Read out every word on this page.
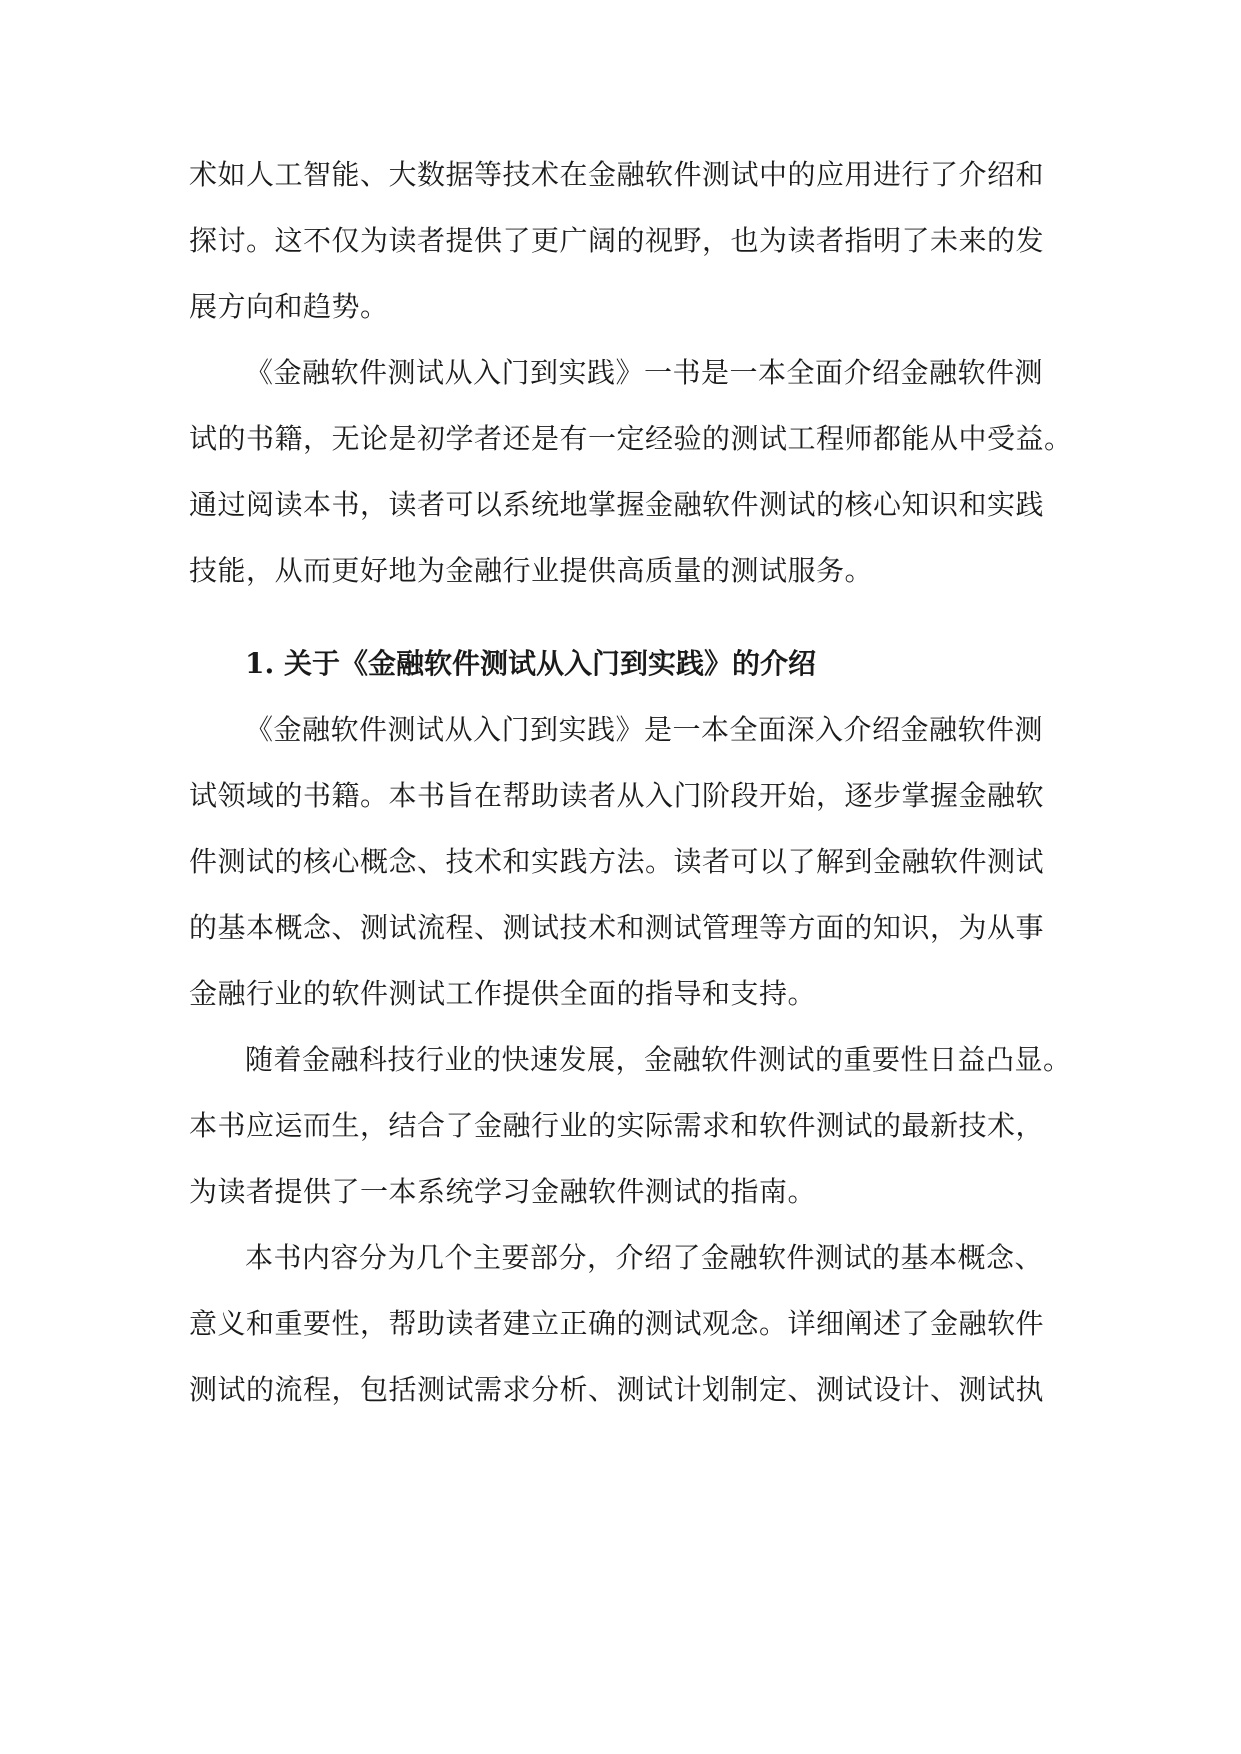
术如人工智能、大数据等技术在金融软件测试中的应用进行了介绍和
探讨。这不仅为读者提供了更广阔的视野，也为读者指明了未来的发
展方向和趋势。
《金融软件测试从入门到实践》一书是一本全面介绍金融软件测
试的书籍，无论是初学者还是有一定经验的测试工程师都能从中受益。
通过阅读本书，读者可以系统地掌握金融软件测试的核心知识和实践
技能，从而更好地为金融行业提供高质量的测试服务。
1. 关于《金融软件测试从入门到实践》的介绍
《金融软件测试从入门到实践》是一本全面深入介绍金融软件测
试领域的书籍。本书旨在帮助读者从入门阶段开始，逐步掌握金融软
件测试的核心概念、技术和实践方法。读者可以了解到金融软件测试
的基本概念、测试流程、测试技术和测试管理等方面的知识，为从事
金融行业的软件测试工作提供全面的指导和支持。
随着金融科技行业的快速发展，金融软件测试的重要性日益凸显。
本书应运而生，结合了金融行业的实际需求和软件测试的最新技术，
为读者提供了一本系统学习金融软件测试的指南。
本书内容分为几个主要部分，介绍了金融软件测试的基本概念、
意义和重要性，帮助读者建立正确的测试观念。详细阐述了金融软件
测试的流程，包括测试需求分析、测试计划制定、测试设计、测试执
